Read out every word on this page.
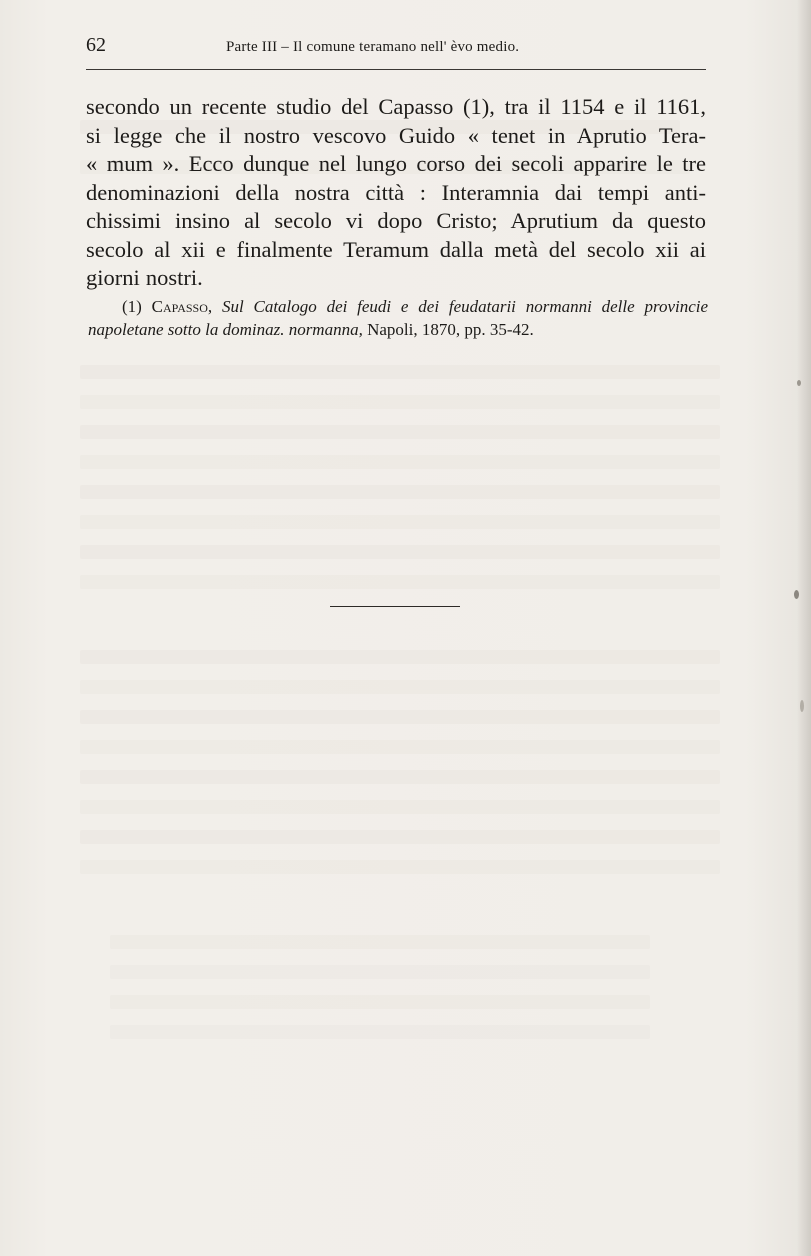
62	Parte III – Il comune teramano nell' èvo medio.
secondo un recente studio del Capasso (1), tra il 1154 e il 1161,
si legge che il nostro vescovo Guido « tenet in Aprutio Tera-
« mum ». Ecco dunque nel lungo corso dei secoli apparire le tre
denominazioni della nostra città : Interamnia dai tempi anti-
chissimi insino al secolo vi dopo Cristo; Aprutium da questo
secolo al xii e finalmente Teramum dalla metà del secolo xii ai
giorni nostri.
(1) Capasso, Sul Catalogo dei feudi e dei feudatarii normanni delle provincie
napoletane sotto la dominaz. normanna, Napoli, 1870, pp. 35-42.
